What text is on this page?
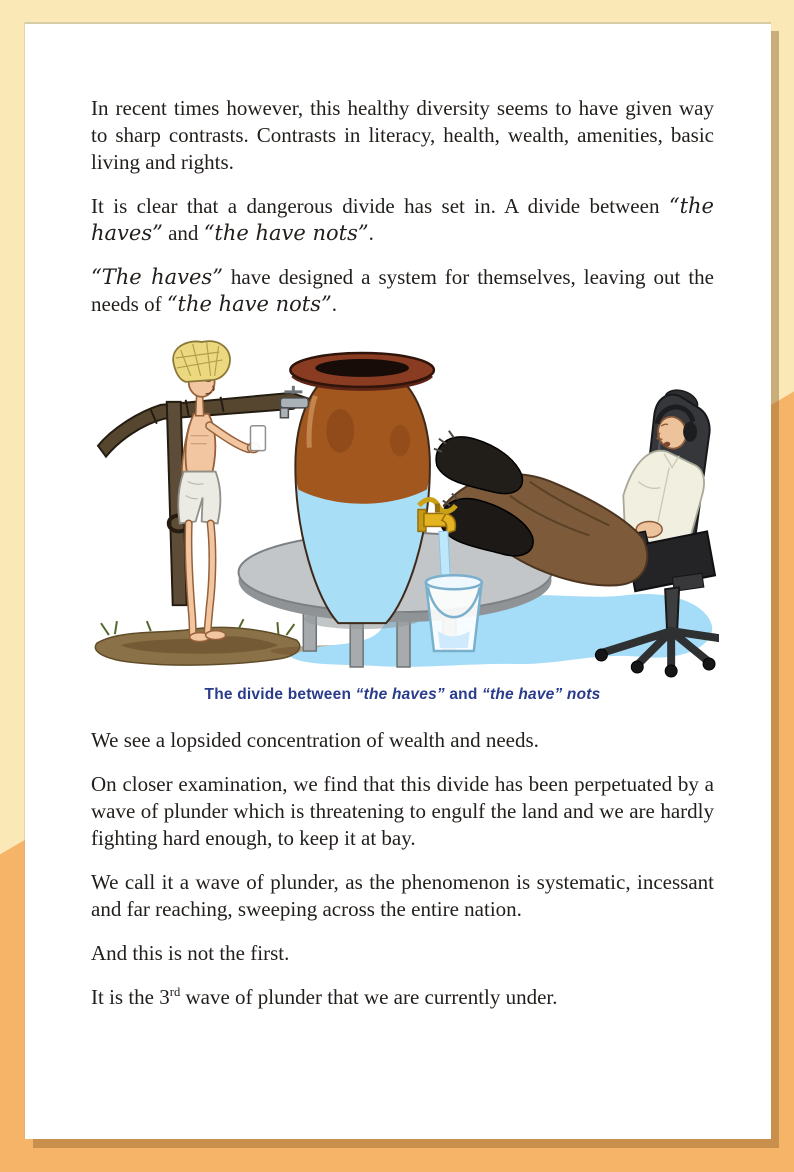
In recent times however, this healthy diversity seems to have given way to sharp contrasts. Contrasts in literacy, health, wealth, amenities, basic living and rights.

It is clear that a dangerous divide has set in. A divide between “the haves” and “the have nots”.

“The haves” have designed a system for themselves, leaving out the needs of “the have nots”.

The divide between “the haves” and “the have” nots

We see a lopsided concentration of wealth and needs.

On closer examination, we find that this divide has been perpetuated by a wave of plunder which is threatening to engulf the land and we are hardly fighting hard enough, to keep it at bay.

We call it a wave of plunder, as the phenomenon is systematic, incessant and far reaching, sweeping across the entire nation.

And this is not the first.

It is the 3rd wave of plunder that we are currently under.
